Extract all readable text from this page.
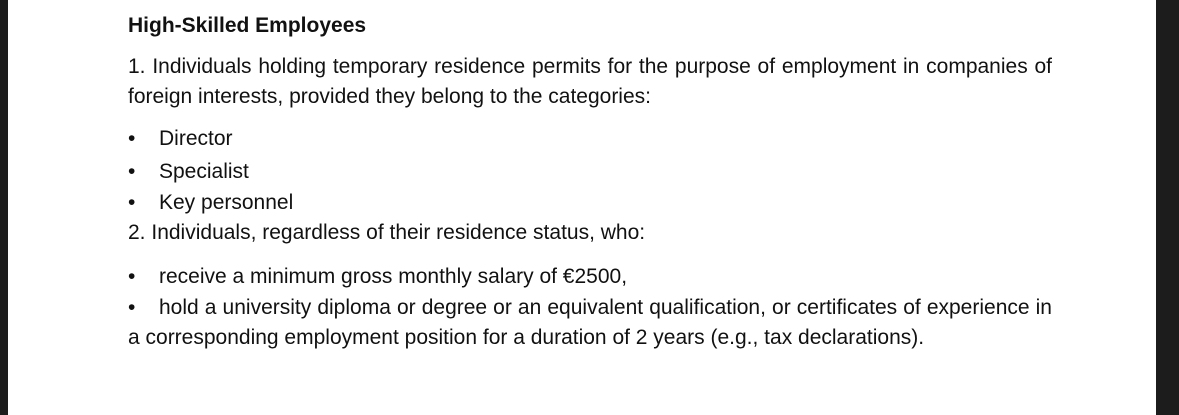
High-Skilled Employees
1. Individuals holding temporary residence permits for the purpose of employment in companies of foreign interests, provided they belong to the categories:
• Director
• Specialist
• Key personnel
2. Individuals, regardless of their residence status, who:
• receive a minimum gross monthly salary of €2500,
• hold a university diploma or degree or an equivalent qualification, or certificates of experience in a corresponding employment position for a duration of 2 years (e.g., tax declarations).
